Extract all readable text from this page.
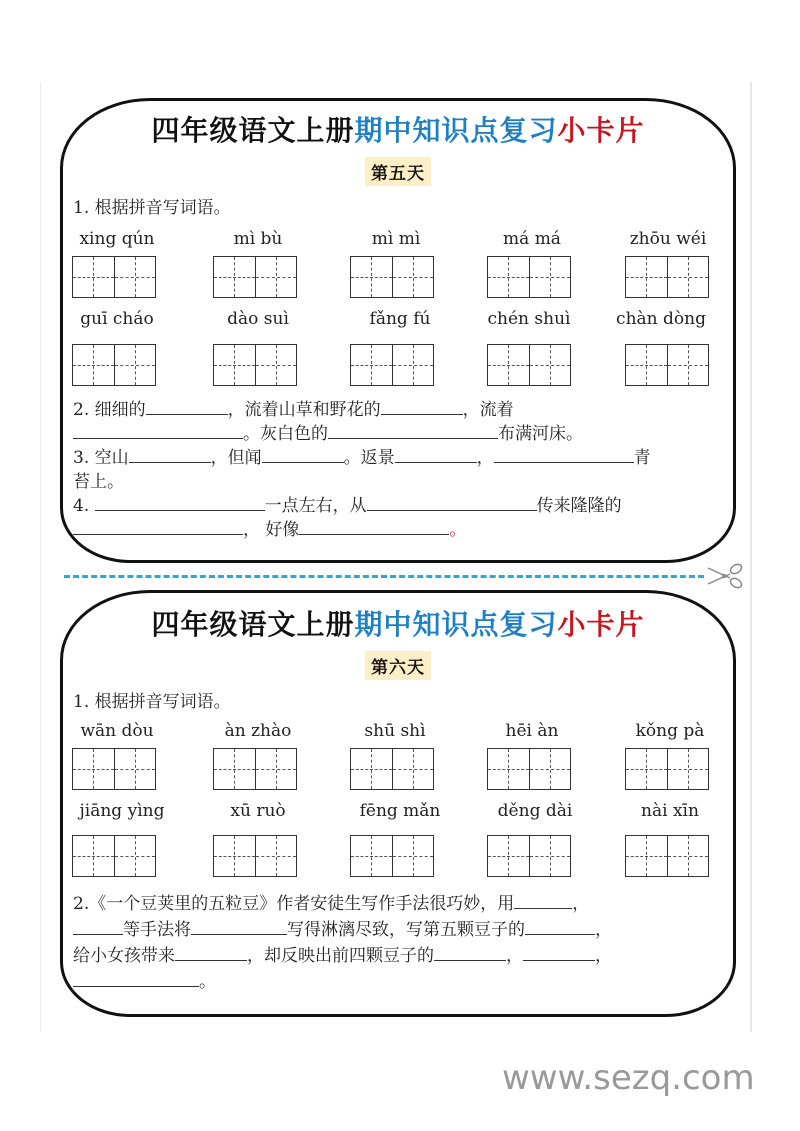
四年级语文上册期中知识点复习小卡片
第五天
1. 根据拼音写词语。
xing qún	mì bù	mì mì	má má	zhōu wéi
guī cháo	dào suì	fǎng fú	chén shuì	chàn dòng
2. 细细的	，流着山草和野花的	，流着
。灰白色的	布满河床。
3. 空山	，但闻	。返景	，	青
苔上。
4.	一点左右，从	传来隆隆的
， 好像	。
四年级语文上册期中知识点复习小卡片
第六天
1. 根据拼音写词语。
wān dòu	àn zhào	shū shì	hēi àn	kǒng pà
jiāng yìng	xū ruò	fēng mǎn	děng dài	nài xīn
2.《一个豆荚里的五粒豆》作者安徒生写作手法很巧妙，用	，
等手法将	写得淋漓尽致，写第五颗豆子的	，
给小女孩带来	，却反映出前四颗豆子的	，	，
。
www.sezq.com
